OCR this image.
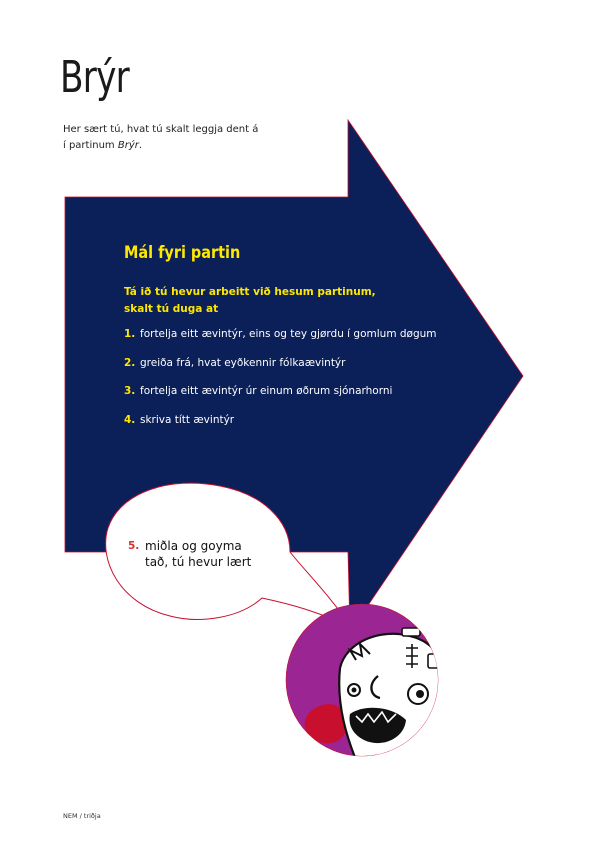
Brýr
Her sært tú, hvat tú skalt leggja dent á
í partinum Brýr.
Mál fyri partin
Tá ið tú hevur arbeitt við hesum partinum, skalt tú duga at
1. fortelja eitt ævintýr, eins og tey gjørdu í gomlum døgum
2. greiða frá, hvat eyðkennir fólkaævintýr
3. fortelja eitt ævintýr úr einum øðrum sjónarhorni
4. skriva títt ævintýr
5. miðla og goyma
tað, tú hevur lært
NEM / triðja
